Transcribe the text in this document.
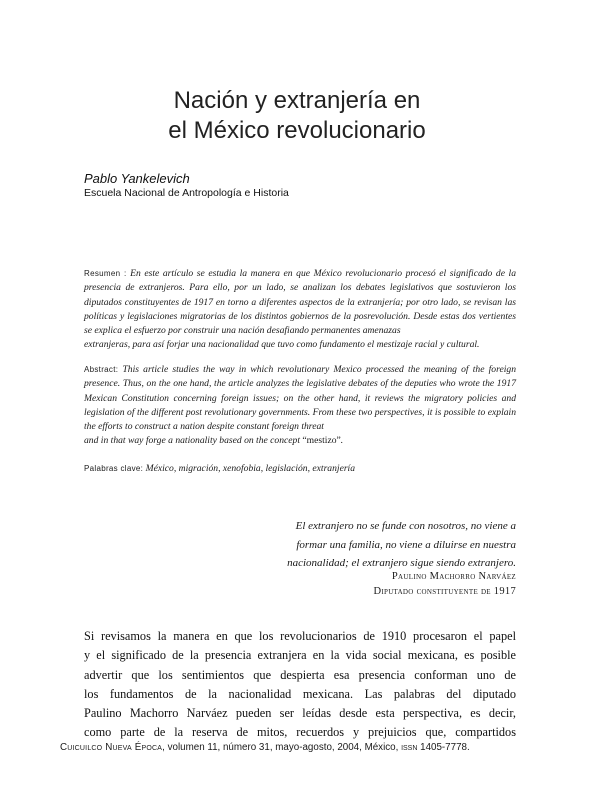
Nación y extranjería en
el México revolucionario
Pablo Yankelevich
Escuela Nacional de Antropología e Historia

Resumen : En este artículo se estudia la manera en que México revolucionario procesó el significado de la presencia de extranjeros. Para ello, por un lado, se analizan los debates legislativos que sostuvieron los diputados constituyentes de 1917 en torno a diferentes aspectos de la extranjería; por otro lado, se revisan las políticas y legislaciones migratorias de los distintos gobiernos de la posrevolución. Desde estas dos vertientes se explica el esfuerzo por construir una nación desafiando permanentes amenazas
extranjeras, para así forjar una nacionalidad que tuvo como fundamento el mestizaje racial y cultural.

Abstract: This article studies the way in which revolutionary Mexico processed the meaning of the foreign presence. Thus, on the one hand, the article analyzes the legislative debates of the deputies who wrote the 1917 Mexican Constitution concerning foreign issues; on the other hand, it reviews the migratory policies and legislation of the different post revolutionary governments. From these two perspectives, it is possible to explain the efforts to construct a nation despite constant foreign threat
and in that way forge a nationality based on the concept “mestizo”.

Palabras clave: México, migración, xenofobia, legislación, extranjería

El extranjero no se funde con nosotros, no viene a
formar una familia, no viene a diluirse en nuestra
nacionalidad; el extranjero sigue siendo extranjero.

Paulino Machorro Narváez

Diputado constituyente de 1917

Si revisamos la manera en que los revolucionarios de 1910 procesaron el papel
y el significado de la presencia extranjera en la vida social mexicana, es posible
advertir que los sentimientos que despierta esa presencia conforman uno de
los fundamentos de la nacionalidad mexicana. Las palabras del diputado
Paulino Machorro Narváez pueden ser leídas desde esta perspectiva, es decir,
como parte de la reserva de mitos, recuerdos y prejuicios que, compartidos

Cuicuilco Nueva Época, volumen 11, número 31, mayo-agosto, 2004, México, issn 1405-7778.
